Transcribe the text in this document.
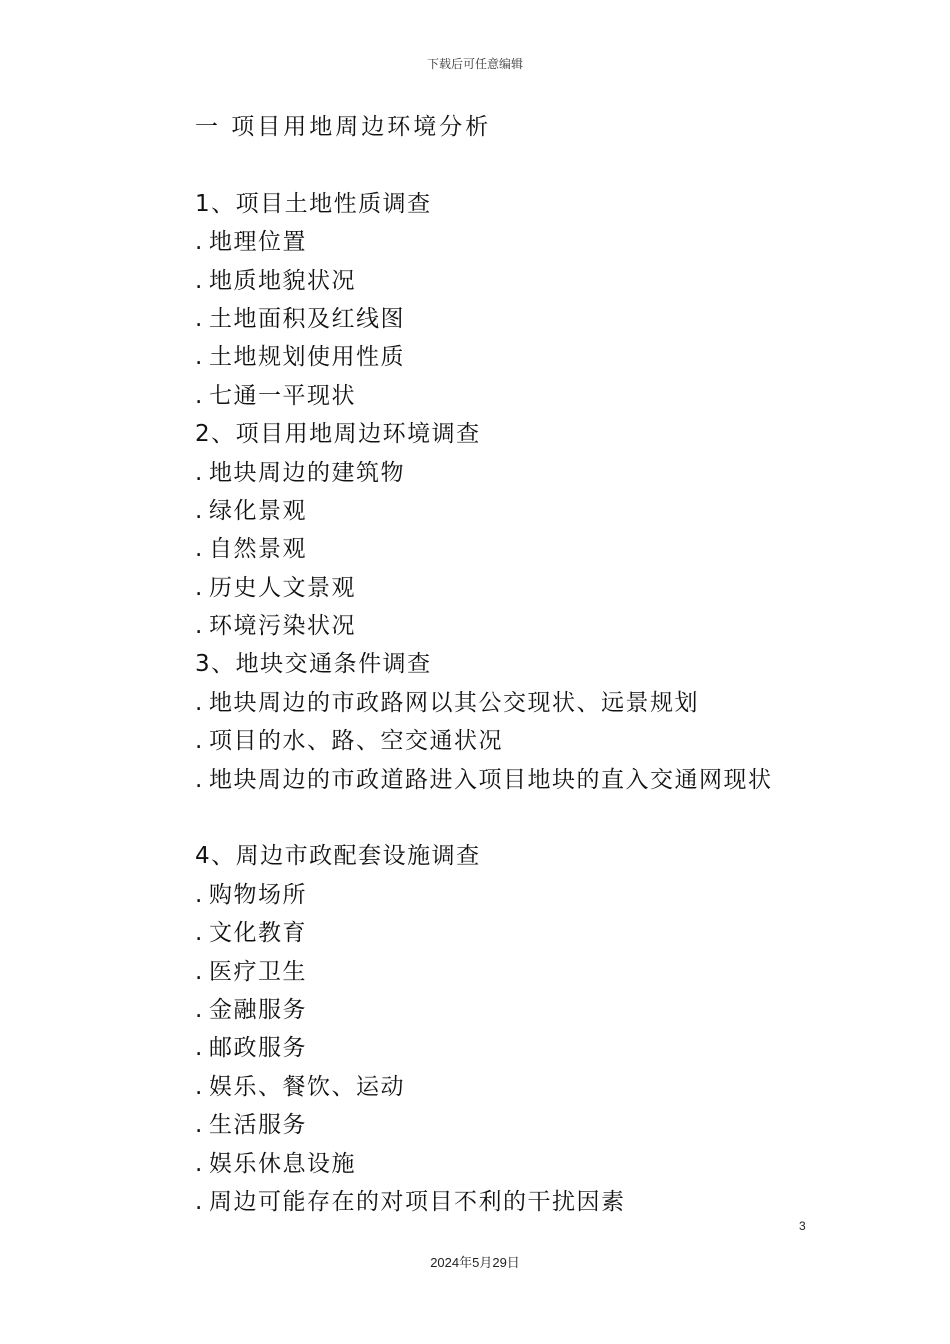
下载后可任意编辑
一 项目用地周边环境分析
1、项目土地性质调查
. 地理位置
. 地质地貌状况
. 土地面积及红线图
. 土地规划使用性质
. 七通一平现状
2、项目用地周边环境调查
. 地块周边的建筑物
. 绿化景观
. 自然景观
. 历史人文景观
. 环境污染状况
3、地块交通条件调查
. 地块周边的市政路网以其公交现状、远景规划
. 项目的水、路、空交通状况
. 地块周边的市政道路进入项目地块的直入交通网现状
4、周边市政配套设施调查
. 购物场所
. 文化教育
. 医疗卫生
. 金融服务
. 邮政服务
. 娱乐、餐饮、运动
. 生活服务
. 娱乐休息设施
. 周边可能存在的对项目不利的干扰因素
3
2024年5月29日
